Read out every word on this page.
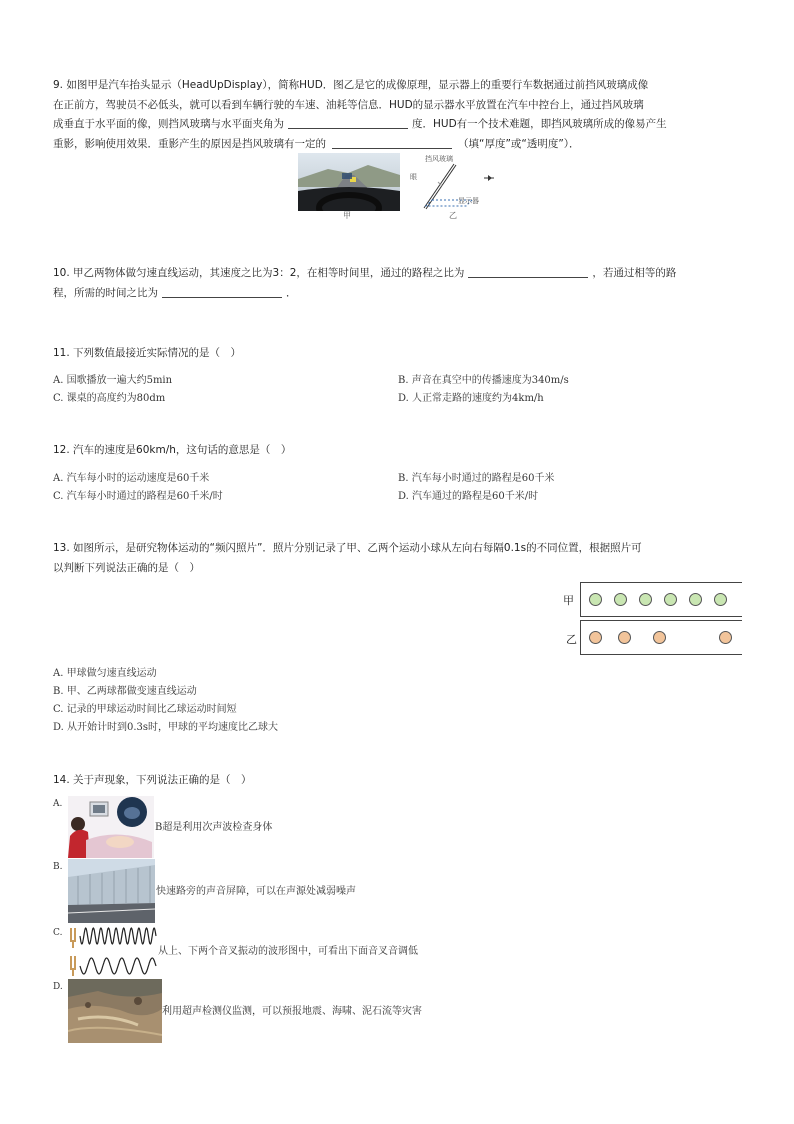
9. 如图甲是汽车抬头显示（HeadUpDisplay），简称HUD．图乙是它的成像原理，显示器上的重要行车数据通过前挡风玻璃成像
在正前方，驾驶员不必低头，就可以看到车辆行驶的车速、油耗等信息．HUD的显示器水平放置在汽车中控台上，通过挡风玻璃
成垂直于水平面的像，则挡风玻璃与水平面夹角为	度．HUD有一个技术难题，即挡风玻璃所成的像易产生
重影，影响使用效果．重影产生的原因是挡风玻璃有一定的	（填“厚度”或“透明度”）．
甲
挡风玻璃
眼
显示器
乙
10. 甲乙两物体做匀速直线运动，其速度之比为3：2，在相等时间里，通过的路程之比为	，若通过相等的路
程，所需的时间之比为	．
11. 下列数值最接近实际情况的是（　）
A. 国歌播放一遍大约5min	B. 声音在真空中的传播速度为340m/s
C. 课桌的高度约为80dm	D. 人正常走路的速度约为4km/h
12. 汽车的速度是60km/h，这句话的意思是（　）
A. 汽车每小时的运动速度是60千米	B. 汽车每小时通过的路程是60千米
C. 汽车每小时通过的路程是60千米/时	D. 汽车通过的路程是60千米/时
13. 如图所示，是研究物体运动的“频闪照片”．照片分别记录了甲、乙两个运动小球从左向右每隔0.1s的不同位置，根据照片可
以判断下列说法正确的是（　）
甲
乙
A. 甲球做匀速直线运动
B. 甲、乙两球都做变速直线运动
C. 记录的甲球运动时间比乙球运动时间短
D. 从开始计时到0.3s时，甲球的平均速度比乙球大
14. 关于声现象，下列说法正确的是（　）
A.
B超是利用次声波检查身体
B.
快速路旁的声音屏障，可以在声源处减弱噪声
C.
从上、下两个音叉振动的波形图中，可看出下面音叉音调低
D.
利用超声检测仪监测，可以预报地震、海啸、泥石流等灾害
